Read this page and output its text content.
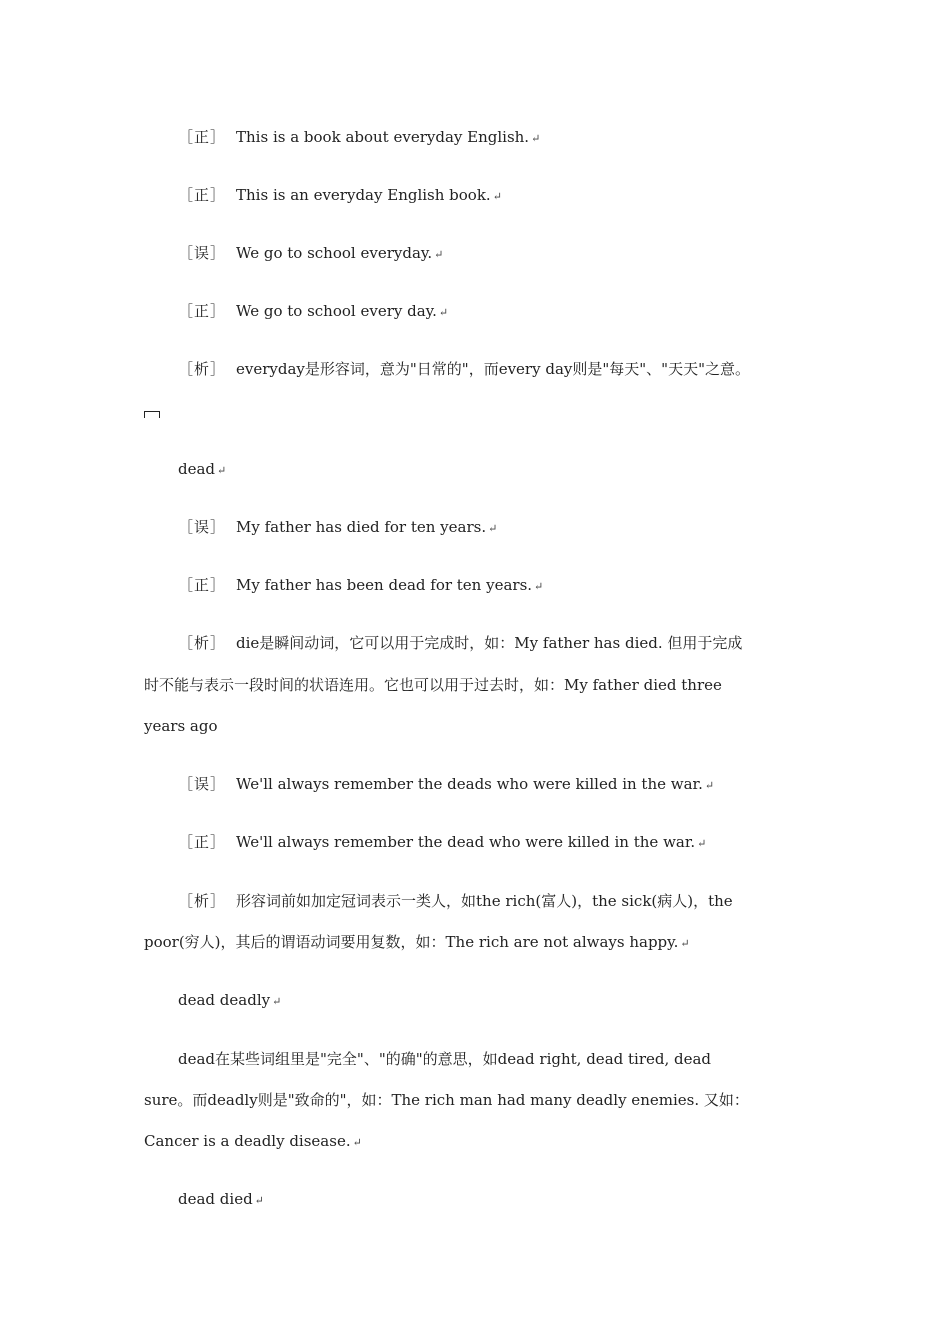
［正］ This is a book about everyday English. ↵
［正］ This is an everyday English book. ↵
［误］ We go to school everyday. ↵
［正］ We go to school every day. ↵
［析］ everyday是形容词，意为"日常的"，而every day则是"每天"、"天天"之意。
dead ↵
［误］ My father has died for ten years. ↵
［正］ My father has been dead for ten years. ↵
［析］ die是瞬间动词，它可以用于完成时，如：My father has died. 但用于完成
时不能与表示一段时间的状语连用。它也可以用于过去时，如：My father died three
years ago
［误］ We'll always remember the deads who were killed in the war. ↵
［正］ We'll always remember the dead who were killed in the war. ↵
［析］ 形容词前如加定冠词表示一类人，如the rich(富人)，the sick(病人)，the
poor(穷人)，其后的谓语动词要用复数，如：The rich are not always happy. ↵
dead deadly ↵
dead在某些词组里是"完全"、"的确"的意思，如dead right, dead tired, dead
sure。而deadly则是"致命的"，如：The rich man had many deadly enemies. 又如：
Cancer is a deadly disease. ↵
dead died ↵
